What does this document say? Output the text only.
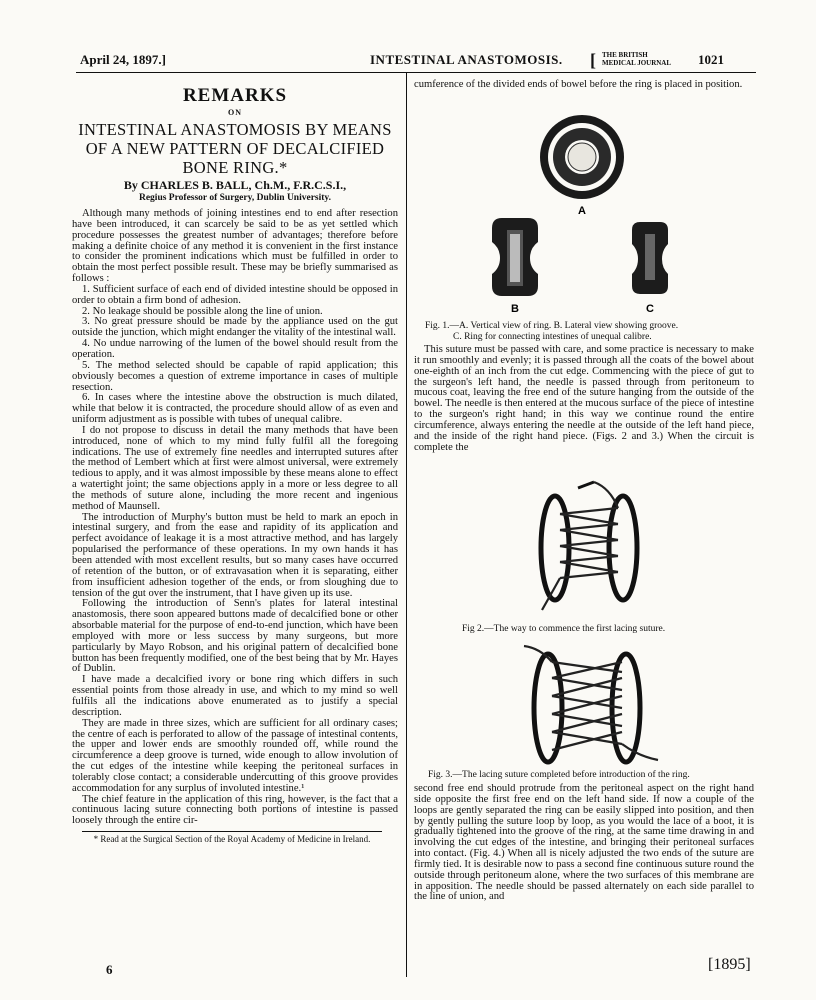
April 24, 1897.]	INTESTINAL ANASTOMOSIS. [ THE BRITISH
MEDICAL JOURNAL 1021
REMARKS
ON
INTESTINAL ANASTOMOSIS BY MEANS OF A NEW PATTERN OF DECALCIFIED BONE RING.*
By CHARLES B. BALL, Ch.M., F.R.C.S.I.,
Regius Professor of Surgery, Dublin University.

Although many methods of joining intestines end to end after resection have been introduced, it can scarcely be said to be as yet settled which procedure possesses the greatest number of advantages; therefore before making a definite choice of any method it is convenient in the first instance to consider the prominent indications which must be fulfilled in order to obtain the most perfect possible result. These may be briefly summarised as follows :

1. Sufficient surface of each end of divided intestine should be opposed in order to obtain a firm bond of adhesion.

2. No leakage should be possible along the line of union.

3. No great pressure should be made by the appliance used on the gut outside the junction, which might endanger the vitality of the intestinal wall.

4. No undue narrowing of the lumen of the bowel should result from the operation.

5. The method selected should be capable of rapid application; this obviously becomes a question of extreme importance in cases of multiple resection.

6. In cases where the intestine above the obstruction is much dilated, while that below it is contracted, the procedure should allow of as even and uniform adjustment as is possible with tubes of unequal calibre.

I do not propose to discuss in detail the many methods that have been introduced, none of which to my mind fully fulfil all the foregoing indications. The use of extremely fine needles and interrupted sutures after the method of Lembert which at first were almost universal, were extremely tedious to apply, and it was almost impossible by these means alone to effect a watertight joint; the same objections apply in a more or less degree to all the methods of suture alone, including the more recent and ingenious method of Maunsell.

The introduction of Murphy's button must be held to mark an epoch in intestinal surgery, and from the ease and rapidity of its application and perfect avoidance of leakage it is a most attractive method, and has largely popularised the performance of these operations. In my own hands it has been attended with most excellent results, but so many cases have occurred of retention of the button, or of extravasation when it is separating, either from insufficient adhesion together of the ends, or from sloughing due to tension of the gut over the instrument, that I have given up its use.

Following the introduction of Senn's plates for lateral intestinal anastomosis, there soon appeared buttons made of decalcified bone or other absorbable material for the purpose of end-to-end junction, which have been employed with more or less success by many surgeons, but more particularly by Mayo Robson, and his original pattern of decalcified bone button has been frequently modified, one of the best being that by Mr. Hayes of Dublin.

I have made a decalcified ivory or bone ring which differs in such essential points from those already in use, and which to my mind so well fulfils all the indications above enumerated as to justify a special description.

They are made in three sizes, which are sufficient for all ordinary cases; the centre of each is perforated to allow of the passage of intestinal contents, the upper and lower ends are smoothly rounded off, while round the circumference a deep groove is turned, wide enough to allow involution of the cut edges of the intestine while keeping the peritoneal surfaces in tolerably close contact; a considerable undercutting of this groove provides accommodation for any surplus of involuted intestine.¹

The chief feature in the application of this ring, however, is the fact that a continuous lacing suture connecting both portions of intestine is passed loosely through the entire cir-

* Read at the Surgical Section of the Royal Academy of Medicine in Ireland.

cumference of the divided ends of bowel before the ring is placed in position.

A
B	C
Fig. 1.—A. Vertical view of ring. B. Lateral view showing groove.
C. Ring for connecting intestines of unequal calibre.

This suture must be passed with care, and some practice is necessary to make it run smoothly and evenly; it is passed through all the coats of the bowel about one-eighth of an inch from the cut edge. Commencing with the piece of gut to the surgeon's left hand, the needle is passed through from peritoneum to mucous coat, leaving the free end of the suture hanging from the outside of the bowel. The needle is then entered at the mucous surface of the piece of intestine to the surgeon's right hand; in this way we continue round the entire circumference, always entering the needle at the outside of the left hand piece, and the inside of the right hand piece. (Figs. 2 and 3.) When the circuit is complete the

Fig 2.—The way to commence the first lacing suture.
Fig. 3.—The lacing suture completed before introduction of the ring.

second free end should protrude from the peritoneal aspect on the right hand side opposite the first free end on the left hand side. If now a couple of the loops are gently separated the ring can be easily slipped into position, and then by gently pulling the suture loop by loop, as you would the lace of a boot, it is gradually tightened into the groove of the ring, at the same time drawing in and involving the cut edges of the intestine, and bringing their peritoneal surfaces into contact. (Fig. 4.) When all is nicely adjusted the two ends of the suture are firmly tied. It is desirable now to pass a second fine continuous suture round the outside through peritoneum alone, where the two surfaces of this membrane are in apposition. The needle should be passed alternately on each side parallel to the line of union, and

6	[1895]
